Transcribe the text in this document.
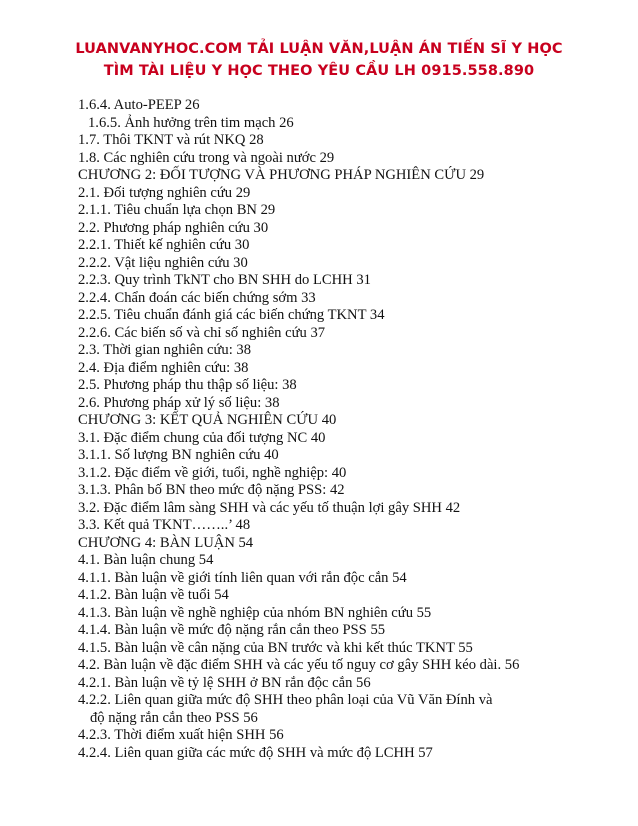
LUANVANYHOC.COM TẢI LUẬN VĂN,LUẬN ÁN TIẾN SĨ Y HỌC
TÌM TÀI LIỆU Y HỌC THEO YÊU CẦU LH 0915.558.890
1.6.4. Auto-PEEP 26
1.6.5. Ảnh hưởng trên tim mạch 26
1.7. Thôi TKNT và rút NKQ 28
1.8. Các nghiên cứu trong và ngoài nước 29
CHƯƠNG 2: ĐỐI TƯỢNG VÀ PHƯƠNG PHÁP NGHIÊN CỨU 29
2.1. Đối tượng nghiên cứu 29
2.1.1. Tiêu chuẩn lựa chọn BN 29
2.2. Phương pháp nghiên cứu 30
2.2.1. Thiết kế nghiên cứu 30
2.2.2. Vật liệu nghiên cứu 30
2.2.3. Quy trình TkNT cho BN SHH do LCHH 31
2.2.4. Chẩn đoán các biến chứng sớm 33
2.2.5. Tiêu chuẩn đánh giá các biến chứng TKNT 34
2.2.6. Các biến số và chỉ số nghiên cứu 37
2.3. Thời gian nghiên cứu: 38
2.4. Địa điểm nghiên cứu: 38
2.5. Phương pháp thu thập số liệu: 38
2.6. Phương pháp xử lý số liệu: 38
CHƯƠNG 3: KẾT QUẢ NGHIÊN CỨU 40
3.1. Đặc điểm chung của đối tượng NC 40
3.1.1. Số lượng BN nghiên cứu 40
3.1.2. Đặc điểm về giới, tuổi, nghề nghiệp: 40
3.1.3. Phân bố BN theo mức độ nặng PSS: 42
3.2. Đặc điểm lâm sàng SHH và các yếu tố thuận lợi gây SHH 42
3.3. Kết quả TKNT……..’ 48
CHƯƠNG 4: BÀN LUẬN 54
4.1. Bàn luận chung 54
4.1.1. Bàn luận về giới tính liên quan với rắn độc cắn 54
4.1.2. Bàn luận về tuổi 54
4.1.3. Bàn luận về nghề nghiệp của nhóm BN nghiên cứu 55
4.1.4. Bàn luận về mức độ nặng rắn cắn theo PSS 55
4.1.5. Bàn luận về cân nặng của BN trước và khi kết thúc TKNT 55
4.2. Bàn luận về đặc điểm SHH và các yếu tố nguy cơ gây SHH kéo dài. 56
4.2.1. Bàn luận về tỷ lệ SHH ở BN rắn độc cắn 56
4.2.2. Liên quan giữa mức độ SHH theo phân loại của Vũ Văn Đính và
độ nặng rắn cắn theo PSS 56
4.2.3. Thời điểm xuất hiện SHH 56
4.2.4. Liên quan giữa các mức độ SHH và mức độ LCHH 57
